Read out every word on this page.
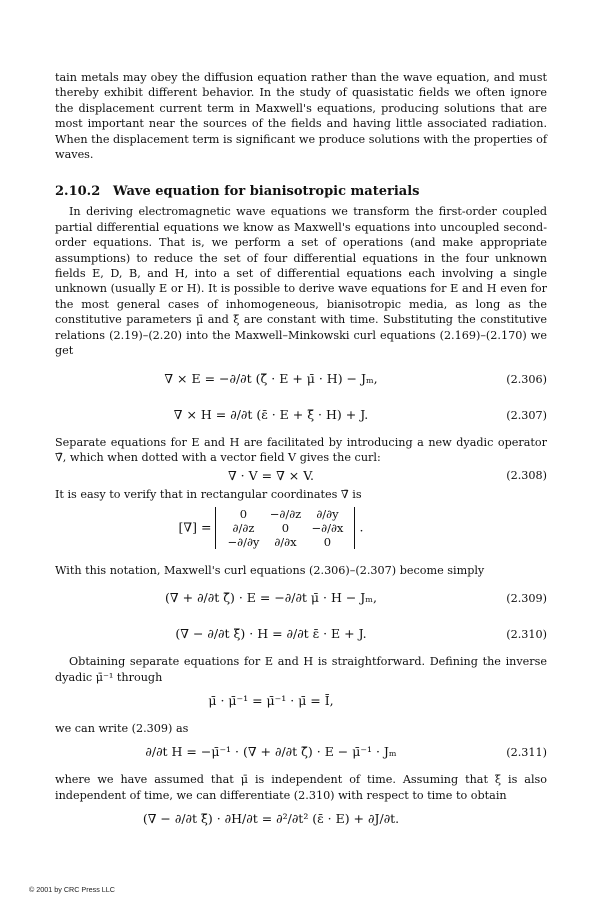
tain metals may obey the diffusion equation rather than the wave equation, and must thereby exhibit different behavior. In the study of quasistatic fields we often ignore the displacement current term in Maxwell's equations, producing solutions that are most important near the sources of the fields and having little associated radiation. When the displacement term is significant we produce solutions with the properties of waves.

2.10.2 Wave equation for bianisotropic materials

In deriving electromagnetic wave equations we transform the first-order coupled partial differential equations we know as Maxwell's equations into uncoupled second-order equations. That is, we perform a set of operations (and make appropriate assumptions) to reduce the set of four differential equations in the four unknown fields E, D, B, and H, into a set of differential equations each involving a single unknown (usually E or H). It is possible to derive wave equations for E and H even for the most general cases of inhomogeneous, bianisotropic media, as long as the constitutive parameters μ̄ and ξ̄ are constant with time. Substituting the constitutive relations (2.19)–(2.20) into the Maxwell–Minkowski curl equations (2.169)–(2.170) we get

∇ × E = −∂/∂t (ζ̄ · E + μ̄ · H) − Jₘ,	(2.306)
∇ × H = ∂/∂t (ε̄ · E + ξ̄ · H) + J.	(2.307)

Separate equations for E and H are facilitated by introducing a new dyadic operator ∇̄, which when dotted with a vector field V gives the curl:

∇̄ · V = ∇ × V.	(2.308)

It is easy to verify that in rectangular coordinates ∇̄ is

[∇̄] =
0	−∂/∂z	∂/∂y
∂/∂z	0	−∂/∂x
−∂/∂y	∂/∂x	0
.

With this notation, Maxwell's curl equations (2.306)–(2.307) become simply

(∇̄ + ∂/∂t ζ̄) · E = −∂/∂t μ̄ · H − Jₘ,	(2.309)
(∇̄ − ∂/∂t ξ̄) · H = ∂/∂t ε̄ · E + J.	(2.310)

Obtaining separate equations for E and H is straightforward. Defining the inverse dyadic μ̄⁻¹ through

μ̄ · μ̄⁻¹ = μ̄⁻¹ · μ̄ = Ī,

we can write (2.309) as

∂/∂t H = −μ̄⁻¹ · (∇̄ + ∂/∂t ζ̄) · E − μ̄⁻¹ · Jₘ	(2.311)

where we have assumed that μ̄ is independent of time. Assuming that ξ̄ is also independent of time, we can differentiate (2.310) with respect to time to obtain

(∇̄ − ∂/∂t ξ̄) · ∂H/∂t = ∂²/∂t² (ε̄ · E) + ∂J/∂t.
© 2001 by CRC Press LLC
